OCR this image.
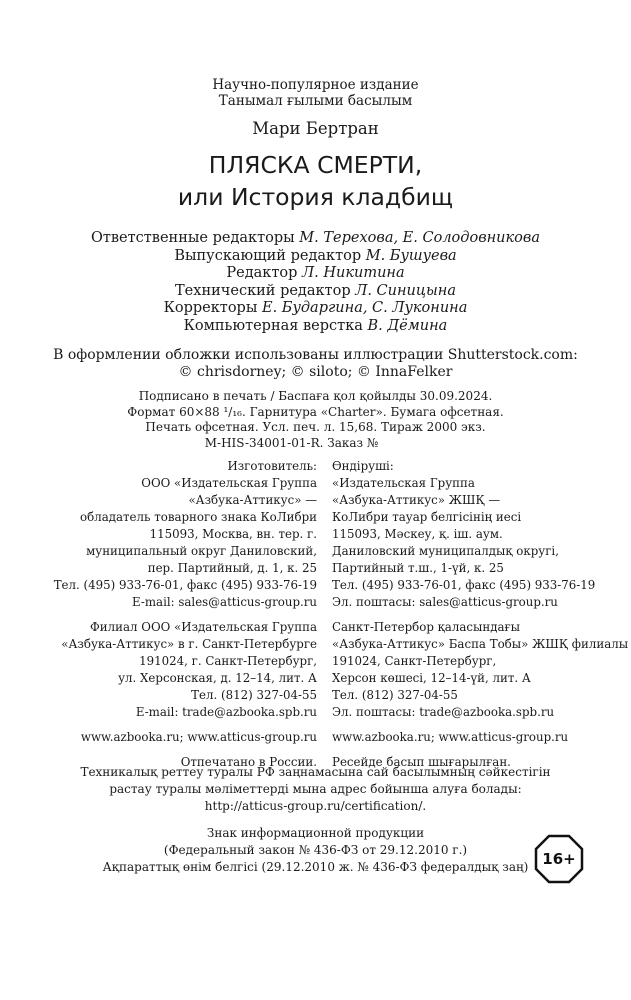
Научно-популярное издание
Танымал ғылыми басылым
Мари Бертран
ПЛЯСКА СМЕРТИ,
или История кладбищ
Ответственные редакторы М. Терехова, Е. Солодовникова
Выпускающий редактор М. Бушуева
Редактор Л. Никитина
Технический редактор Л. Синицына
Корректоры Е. Бударгина, С. Луконина
Компьютерная верстка В. Дёмина
В оформлении обложки использованы иллюстрации Shutterstock.com:
© chrisdorney; © siloto; © InnaFelker
Подписано в печать / Баспаға қол қойылды 30.09.2024.
Формат 60×88 ¹/₁₆. Гарнитура «Charter». Бумага офсетная.
Печать офсетная. Усл. печ. л. 15,68. Тираж 2000 экз.
M-HIS-34001-01-R. Заказ №
Изготовитель:
ООО «Издательская Группа
«Азбука-Аттикус» —
обладатель товарного знака КоЛибри
115093, Москва, вн. тер. г.
муниципальный округ Даниловский,
пер. Партийный, д. 1, к. 25
Тел. (495) 933-76-01, факс (495) 933-76-19
E-mail: sales@atticus-group.ru
Филиал ООО «Издательская Группа
«Азбука-Аттикус» в г. Санкт-Петербурге
191024, г. Санкт-Петербург,
ул. Херсонская, д. 12–14, лит. А
Тел. (812) 327-04-55
E-mail: trade@azbooka.spb.ru
www.azbooka.ru; www.atticus-group.ru
Отпечатано в России.
Өндіруші:
«Издательская Группа
«Азбука-Аттикус» ЖШҚ —
КоЛибри тауар белгісінің иесі
115093, Мәскеу, қ. іш. аум.
Даниловский муниципалдық округі,
Партийный т.ш., 1-үй, к. 25
Тел. (495) 933-76-01, факс (495) 933-76-19
Эл. поштасы: sales@atticus-group.ru
Санкт-Петербор қаласындағы
«Азбука-Аттикус» Баспа Тобы» ЖШҚ филиалы
191024, Санкт-Петербург,
Херсон көшесі, 12–14-үй, лит. А
Тел. (812) 327-04-55
Эл. поштасы: trade@azbooka.spb.ru
www.azbooka.ru; www.atticus-group.ru
Ресейде басып шығарылған.
Техникалық реттеу туралы РФ заңнамасына сай басылымның сәйкестігін
растау туралы мәліметтерді мына адрес бойынша алуға болады:
http://atticus-group.ru/certification/.
Знак информационной продукции
(Федеральный закон № 436-ФЗ от 29.12.2010 г.)
Ақпараттық өнім белгісі (29.12.2010 ж. № 436-ФЗ федералдық заң) 16+
